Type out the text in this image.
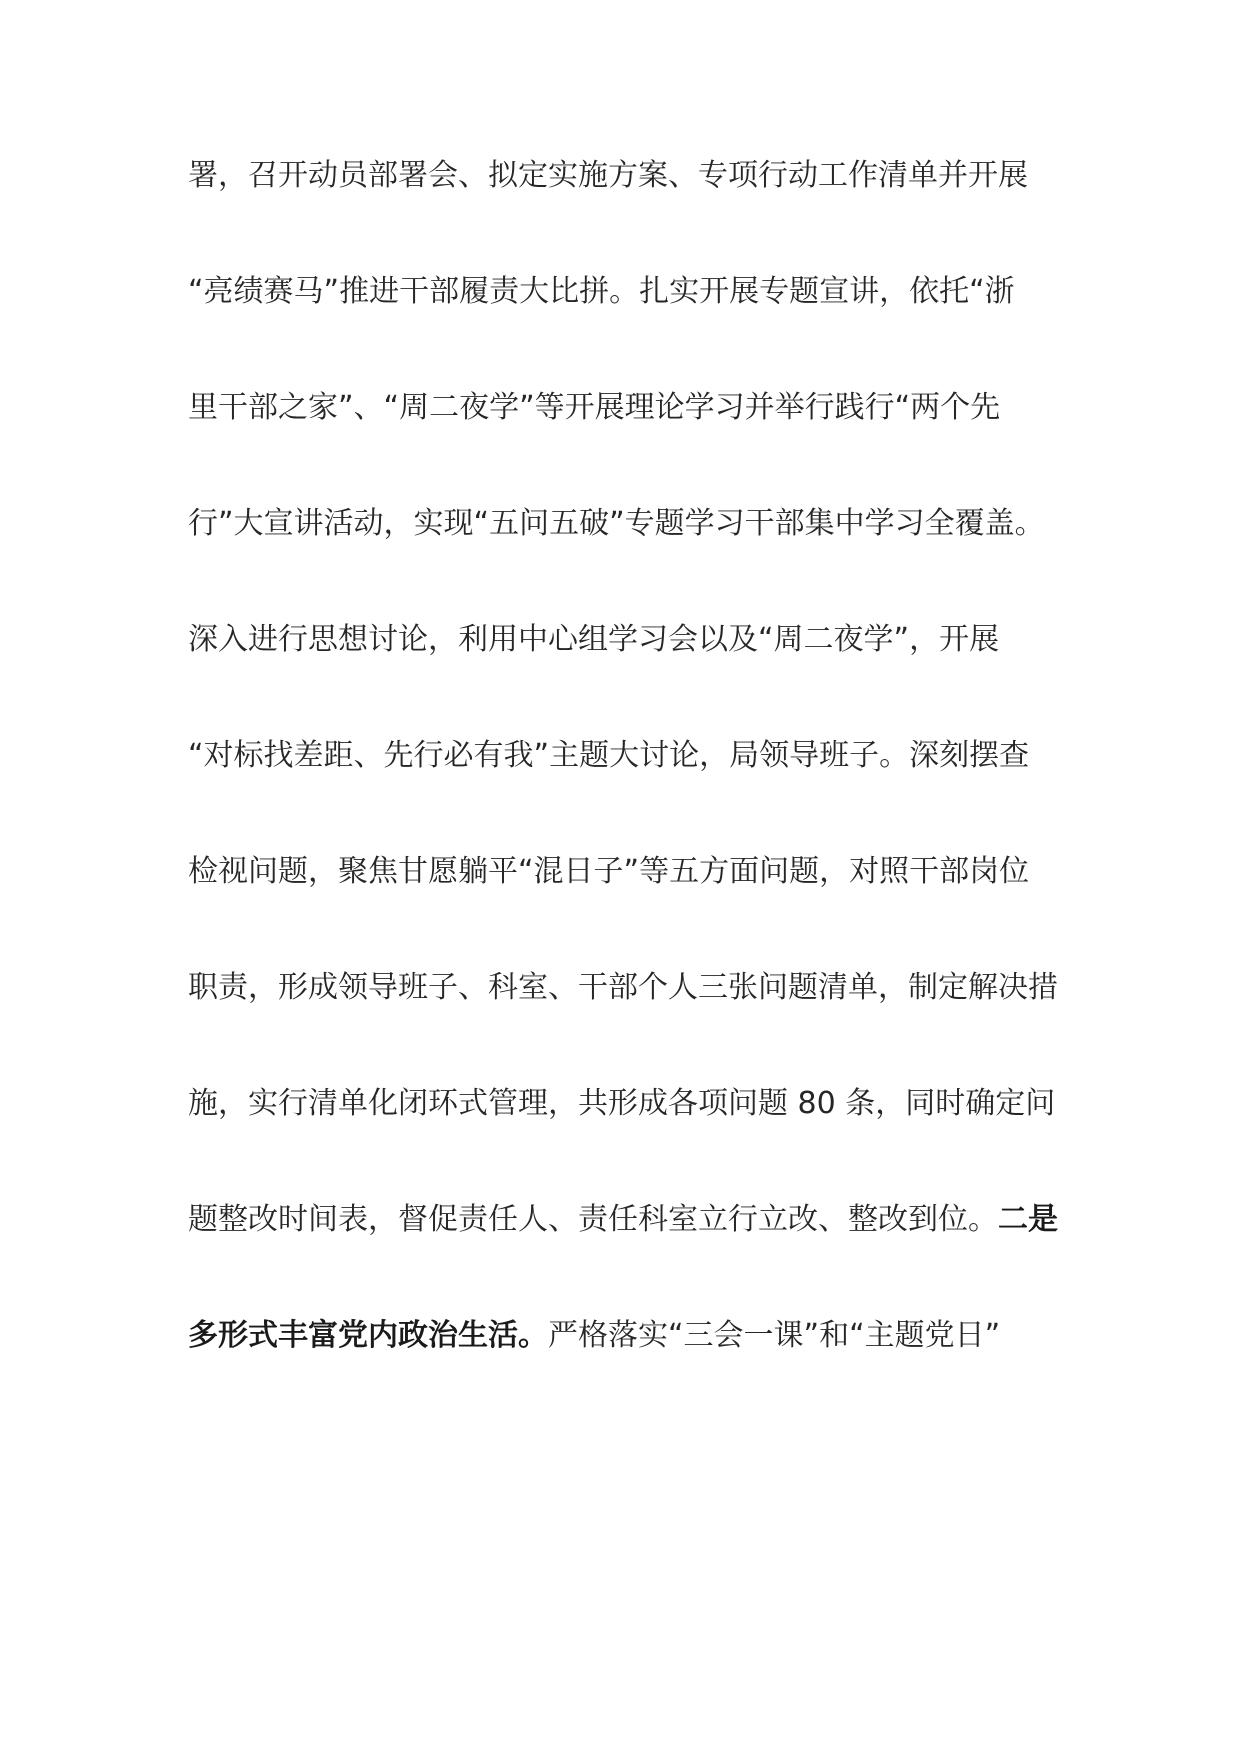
署，召开动员部署会、拟定实施方案、专项行动工作清单并开展
“亮绩赛马”推进干部履责大比拼。扎实开展专题宣讲，依托“浙
里干部之家”、“周二夜学”等开展理论学习并举行践行“两个先
行”大宣讲活动，实现“五问五破”专题学习干部集中学习全覆盖。
深入进行思想讨论，利用中心组学习会以及“周二夜学”，开展
“对标找差距、先行必有我”主题大讨论，局领导班子。深刻摆查
检视问题，聚焦甘愿躺平“混日子”等五方面问题，对照干部岗位
职责，形成领导班子、科室、干部个人三张问题清单，制定解决措
施，实行清单化闭环式管理，共形成各项问题 80 条，同时确定问
题整改时间表，督促责任人、责任科室立行立改、整改到位。二是
多形式丰富党内政治生活。严格落实“三会一课”和“主题党日”
